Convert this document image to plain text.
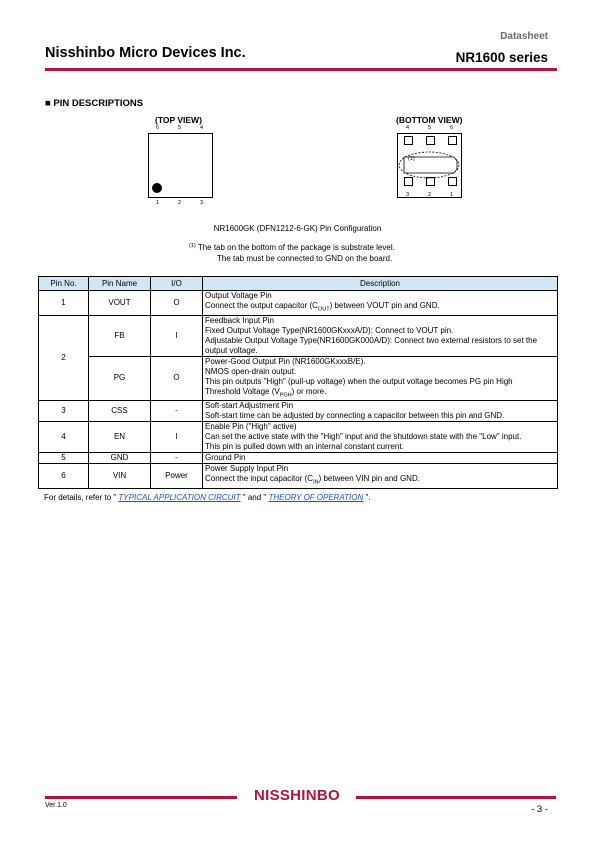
Datasheet
Nisshinbo Micro Devices Inc.	NR1600 series
■ PIN DESCRIPTIONS
(TOP VIEW)
6	5	4
1	2	3
(BOTTOM VIEW)
4	5	6
(1)
3	2	1
NR1600GK (DFN1212-6-GK) Pin Configuration
$^{(1)}$ The tab on the bottom of the package is substrate level.
The tab must be connected to GND on the board.
Pin No.	Pin Name	I/O	Description
1	VOUT	O	Output Voltage Pin
Connect the output capacitor $(C_{OUT})$ between VOUT pin and GND.

2	FB	I	Feedback Input Pin
Fixed Output Voltage Type(NR1600GKxxxA/D): Connect to VOUT pin.
Adjustable Output Voltage Type(NR1600GK000A/D): Connect two external resistors to set the output voltage.

	PG	O	Power-Good Output Pin (NR1600GKxxxB/E).
NMOS open-drain output.
This pin outputs "High" (pull-up voltage) when the output voltage becomes PG pin High
Threshold Voltage $(V_{PGH})$ or more.

3	CSS	-	Soft-start Adjustment Pin
Soft-start time can be adjusted by connecting a capacitor between this pin and GND.

4	EN	I	Enable Pin ("High" active)
Can set the active state with the "High" input and the shutdown state with the "Low" input.
This pin is pulled down with an internal constant current.

5	GND	-	Ground Pin

6	VIN	Power	Power Supply Input Pin
Connect the input capacitor $(C_{IN})$ between VIN pin and GND.
For details, refer to " TYPICAL APPLICATION CIRCUIT " and " THEORY OF OPERATION ".
NISSHINBO
Ver.1.0	- 3 -
